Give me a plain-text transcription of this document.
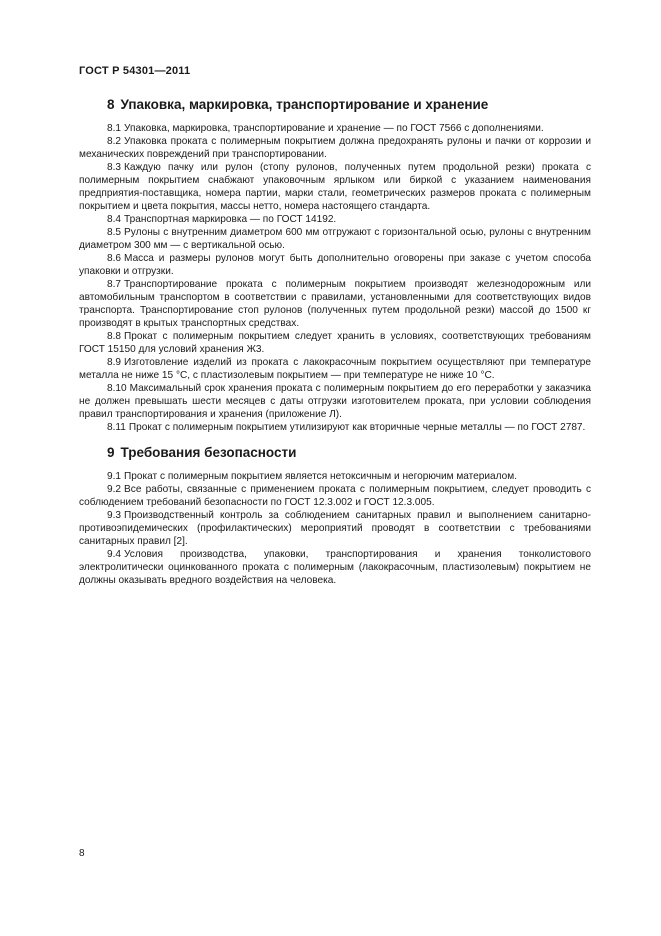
ГОСТ Р 54301—2011
8 Упаковка, маркировка, транспортирование и хранение

8.1 Упаковка, маркировка, транспортирование и хранение — по ГОСТ 7566 с дополнениями.

8.2 Упаковка проката с полимерным покрытием должна предохранять рулоны и пачки от коррозии и механических повреждений при транспортировании.

8.3 Каждую пачку или рулон (стопу рулонов, полученных путем продольной резки) проката с полимерным покрытием снабжают упаковочным ярлыком или биркой с указанием наименования предприятия-поставщика, номера партии, марки стали, геометрических размеров проката с полимерным покрытием и цвета покрытия, массы нетто, номера настоящего стандарта.

8.4 Транспортная маркировка — по ГОСТ 14192.

8.5 Рулоны с внутренним диаметром 600 мм отгружают с горизонтальной осью, рулоны с внутренним диаметром 300 мм — с вертикальной осью.

8.6 Масса и размеры рулонов могут быть дополнительно оговорены при заказе с учетом способа упаковки и отгрузки.

8.7 Транспортирование проката с полимерным покрытием производят железнодорожным или автомобильным транспортом в соответствии с правилами, установленными для соответствующих видов транспорта. Транспортирование стоп рулонов (полученных путем продольной резки) массой до 1500 кг производят в крытых транспортных средствах.

8.8 Прокат с полимерным покрытием следует хранить в условиях, соответствующих требованиям ГОСТ 15150 для условий хранения Ж3.

8.9 Изготовление изделий из проката с лакокрасочным покрытием осуществляют при температуре металла не ниже 15 °С, с пластизолевым покрытием — при температуре не ниже 10 °С.

8.10 Максимальный срок хранения проката с полимерным покрытием до его переработки у заказчика не должен превышать шести месяцев с даты отгрузки изготовителем проката, при условии соблюдения правил транспортирования и хранения (приложение Л).

8.11 Прокат с полимерным покрытием утилизируют как вторичные черные металлы — по ГОСТ 2787.

9 Требования безопасности

9.1 Прокат с полимерным покрытием является нетоксичным и негорючим материалом.

9.2 Все работы, связанные с применением проката с полимерным покрытием, следует проводить с соблюдением требований безопасности по ГОСТ 12.3.002 и ГОСТ 12.3.005.

9.3 Производственный контроль за соблюдением санитарных правил и выполнением санитарно-противоэпидемических (профилактических) мероприятий проводят в соответствии с требованиями санитарных правил [2].

9.4 Условия производства, упаковки, транспортирования и хранения тонколистового электролитически оцинкованного проката с полимерным (лакокрасочным, пластизолевым) покрытием не должны оказывать вредного воздействия на человека.

8
